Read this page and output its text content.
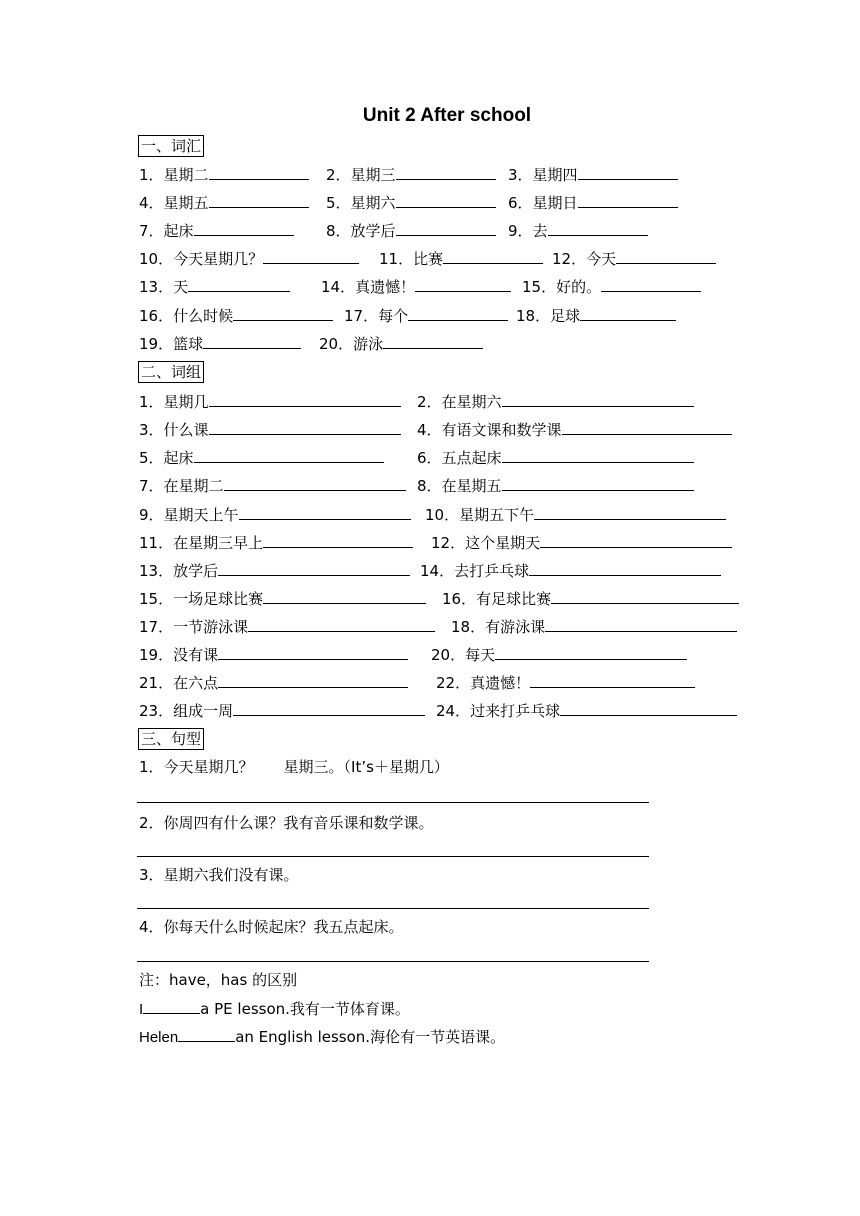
Unit 2 After school
一、词汇
1．星期二	2．星期三	3．星期四
4．星期五	5．星期六	6．星期日
7．起床	8．放学后	9．去
10．今天星期几？	11．比赛	12．今天
13．天	14．真遗憾！	15．好的。
16．什么时候	17．每个	18．足球
19．篮球	20．游泳
二、词组
1．星期几	2．在星期六
3．什么课	4．有语文课和数学课
5．起床	6．五点起床
7．在星期二	8．在星期五
9．星期天上午	10．星期五下午
11．在星期三早上	12．这个星期天
13．放学后	14．去打乒乓球
15．一场足球比赛	16．有足球比赛
17．一节游泳课	18．有游泳课
19．没有课	20．每天
21．在六点	22．真遗憾！
23．组成一周	24．过来打乒乓球
三、句型
1．今天星期几？　　星期三。（It’s＋星期几）
2．你周四有什么课？我有音乐课和数学课。
3．星期六我们没有课。
4．你每天什么时候起床？我五点起床。
注：have，has 的区别
I	a PE lesson.我有一节体育课。
Helen	an English lesson.海伦有一节英语课。
